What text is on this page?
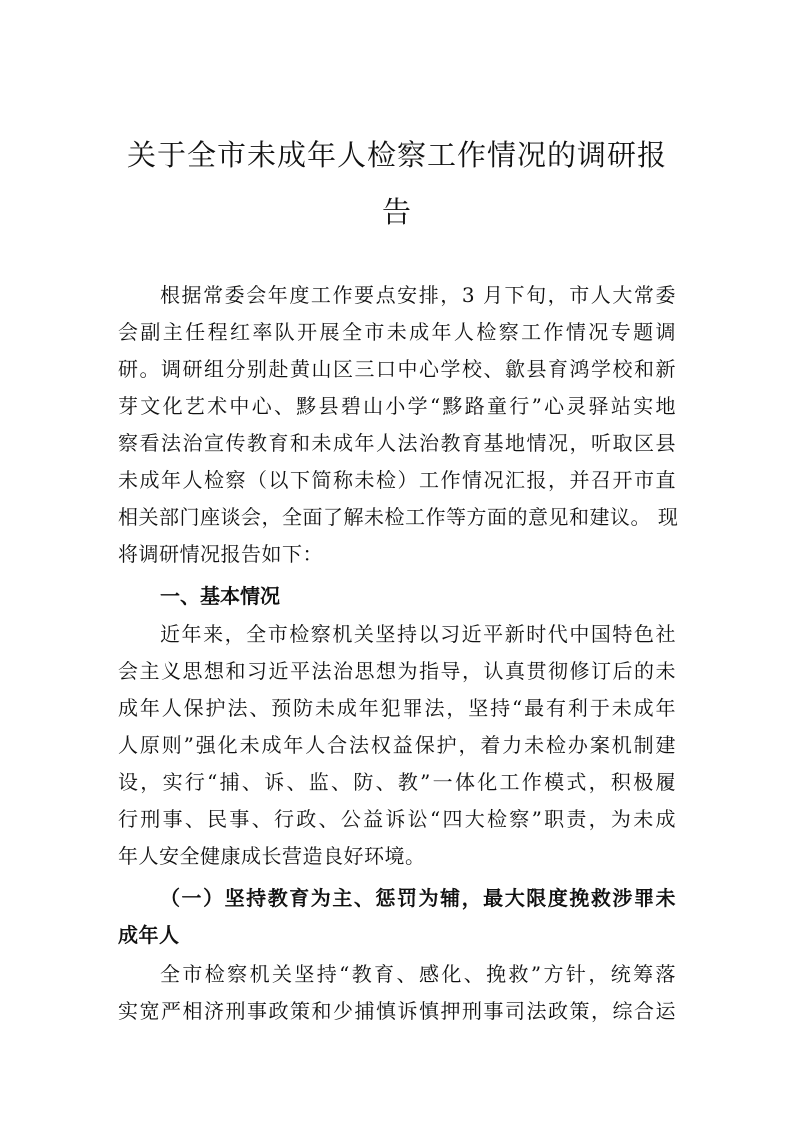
关于全市未成年人检察工作情况的调研报
告
根据常委会年度工作要点安排，3 月下旬，市人大常委
会副主任程红率队开展全市未成年人检察工作情况专题调
研。调研组分别赴黄山区三口中心学校、歙县育鸿学校和新
芽文化艺术中心、黟县碧山小学“黟路童行”心灵驿站实地
察看法治宣传教育和未成年人法治教育基地情况，听取区县
未成年人检察（以下简称未检）工作情况汇报，并召开市直
相关部门座谈会，全面了解未检工作等方面的意见和建议。 现
将调研情况报告如下：
一、基本情况
近年来，全市检察机关坚持以习近平新时代中国特色社
会主义思想和习近平法治思想为指导，认真贯彻修订后的未
成年人保护法、预防未成年犯罪法，坚持“最有利于未成年
人原则”强化未成年人合法权益保护，着力未检办案机制建
设，实行“捕、诉、监、防、教”一体化工作模式，积极履
行刑事、民事、行政、公益诉讼“四大检察”职责，为未成
年人安全健康成长营造良好环境。
（一）坚持教育为主、惩罚为辅，最大限度挽救涉罪未
成年人
全市检察机关坚持“教育、感化、挽救”方针，统筹落
实宽严相济刑事政策和少捕慎诉慎押刑事司法政策，综合运
